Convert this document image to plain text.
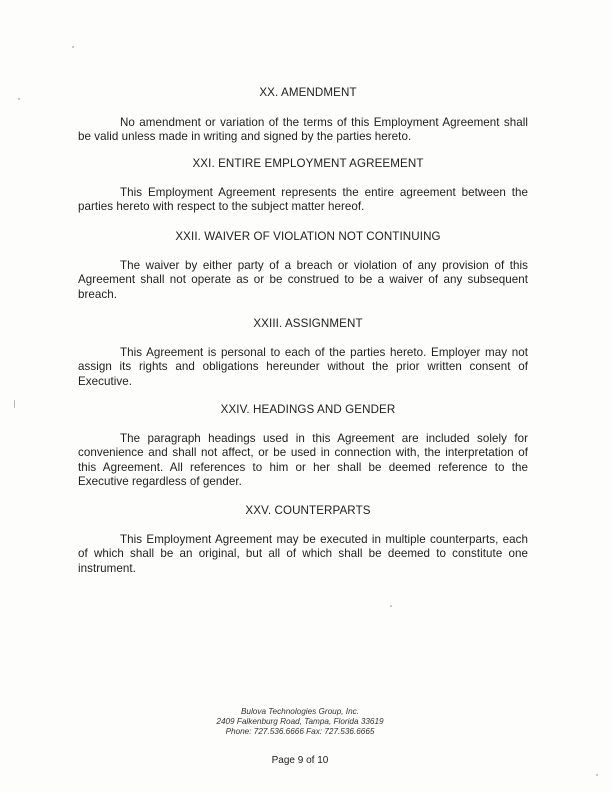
XX. AMENDMENT

No amendment or variation of the terms of this Employment Agreement shall be valid unless made in writing and signed by the parties hereto.

XXI. ENTIRE EMPLOYMENT AGREEMENT

This Employment Agreement represents the entire agreement between the parties hereto with respect to the subject matter hereof.

XXII. WAIVER OF VIOLATION NOT CONTINUING

The waiver by either party of a breach or violation of any provision of this Agreement shall not operate as or be construed to be a waiver of any subsequent breach.

XXIII. ASSIGNMENT

This Agreement is personal to each of the parties hereto. Employer may not assign its rights and obligations hereunder without the prior written consent of Executive.

XXIV. HEADINGS AND GENDER

The paragraph headings used in this Agreement are included solely for convenience and shall not affect, or be used in connection with, the interpretation of this Agreement. All references to him or her shall be deemed reference to the Executive regardless of gender.

XXV. COUNTERPARTS

This Employment Agreement may be executed in multiple counterparts, each of which shall be an original, but all of which shall be deemed to constitute one instrument.

Bulova Technologies Group, Inc.
2409 Falkenburg Road, Tampa, Florida 33619
Phone: 727.536.6666 Fax: 727.536.6665
Page 9 of 10
